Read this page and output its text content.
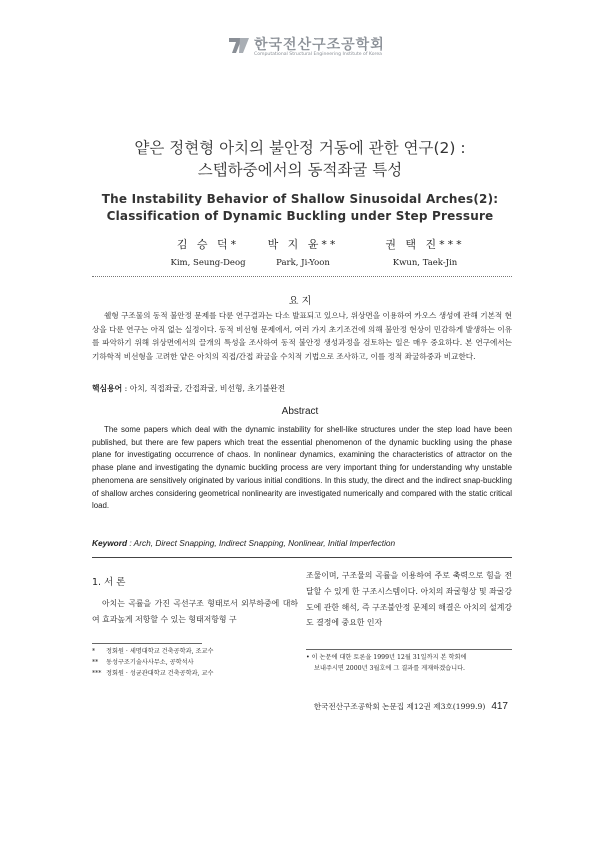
한국전산구조공학회
Computational Structural Engineering Institute of Korea
얕은 정현형 아치의 불안정 거동에 관한 연구(2) :
스텝하중에서의 동적좌굴 특성
The Instability Behavior of Shallow Sinusoidal Arches(2):
Classification of Dynamic Buckling under Step Pressure
김 승 덕*
Kim, Seung-Deog
박 지 윤**
Park, Ji-Yoon
권 택 진***
Kwun, Taek-Jin
요 지

쉘형 구조물의 동적 불안정 문제를 다룬 연구결과는 다소 발표되고 있으나, 위상면을 이용하여 카오스 생성에 관해 기본적 현상을 다룬 연구는 아직 없는 실정이다. 동적 비선형 문제에서, 여러 가지 초기조건에 의해 불안정 현상이 민감하게 발생하는 이유를 파악하기 위해 위상면에서의 끌개의 특성을 조사하여 동적 불안정 생성과정을 검토하는 일은 매우 중요하다. 본 연구에서는 기하학적 비선형을 고려한 얕은 아치의 직접/간접 좌굴을 수치적 기법으로 조사하고, 이를 정적 좌굴하중과 비교한다.

핵심용어 : 아치, 직접좌굴, 간접좌굴, 비선형, 초기불완전
Abstract

The some papers which deal with the dynamic instability for shell-like structures under the step load have been published, but there are few papers which treat the essential phenomenon of the dynamic buckling using the phase plane for investigating occurrence of chaos. In nonlinear dynamics, examining the characteristics of attractor on the phase plane and investigating the dynamic buckling process are very important thing for understanding why unstable phenomena are sensitively originated by various initial conditions. In this study, the direct and the indirect snap-buckling of shallow arches considering geometrical nonlinearity are investigated numerically and compared with the static critical load.

Keyword : Arch, Direct Snapping, Indirect Snapping, Nonlinear, Initial Imperfection
1. 서 론

아치는 곡률을 가진 곡선구조 형태로서 외부하중에 대하여 효과높게 저항할 수 있는 형태저항형 구

조물이며, 구조물의 곡률을 이용하여 주로 축력으로 힘을 전달할 수 있게 한 구조시스템이다. 아치의 좌굴형상 및 좌굴강도에 관한 해석, 즉 구조불안정 문제의 해결은 아치의 설계강도 결정에 중요한 인자

* 정회원 · 세명대학교 건축공학과, 조교수
** 동성구조기술사사무소, 공학석사
*** 정회원 · 성균관대학교 건축공학과, 교수
• 이 논문에 대한 토론을 1999년 12월 31일까지 본 학회에
보내주시면 2000년 3월호에 그 결과를 게재하겠습니다.
한국전산구조공학회 논문집 제12권 제3호(1999.9) 417
